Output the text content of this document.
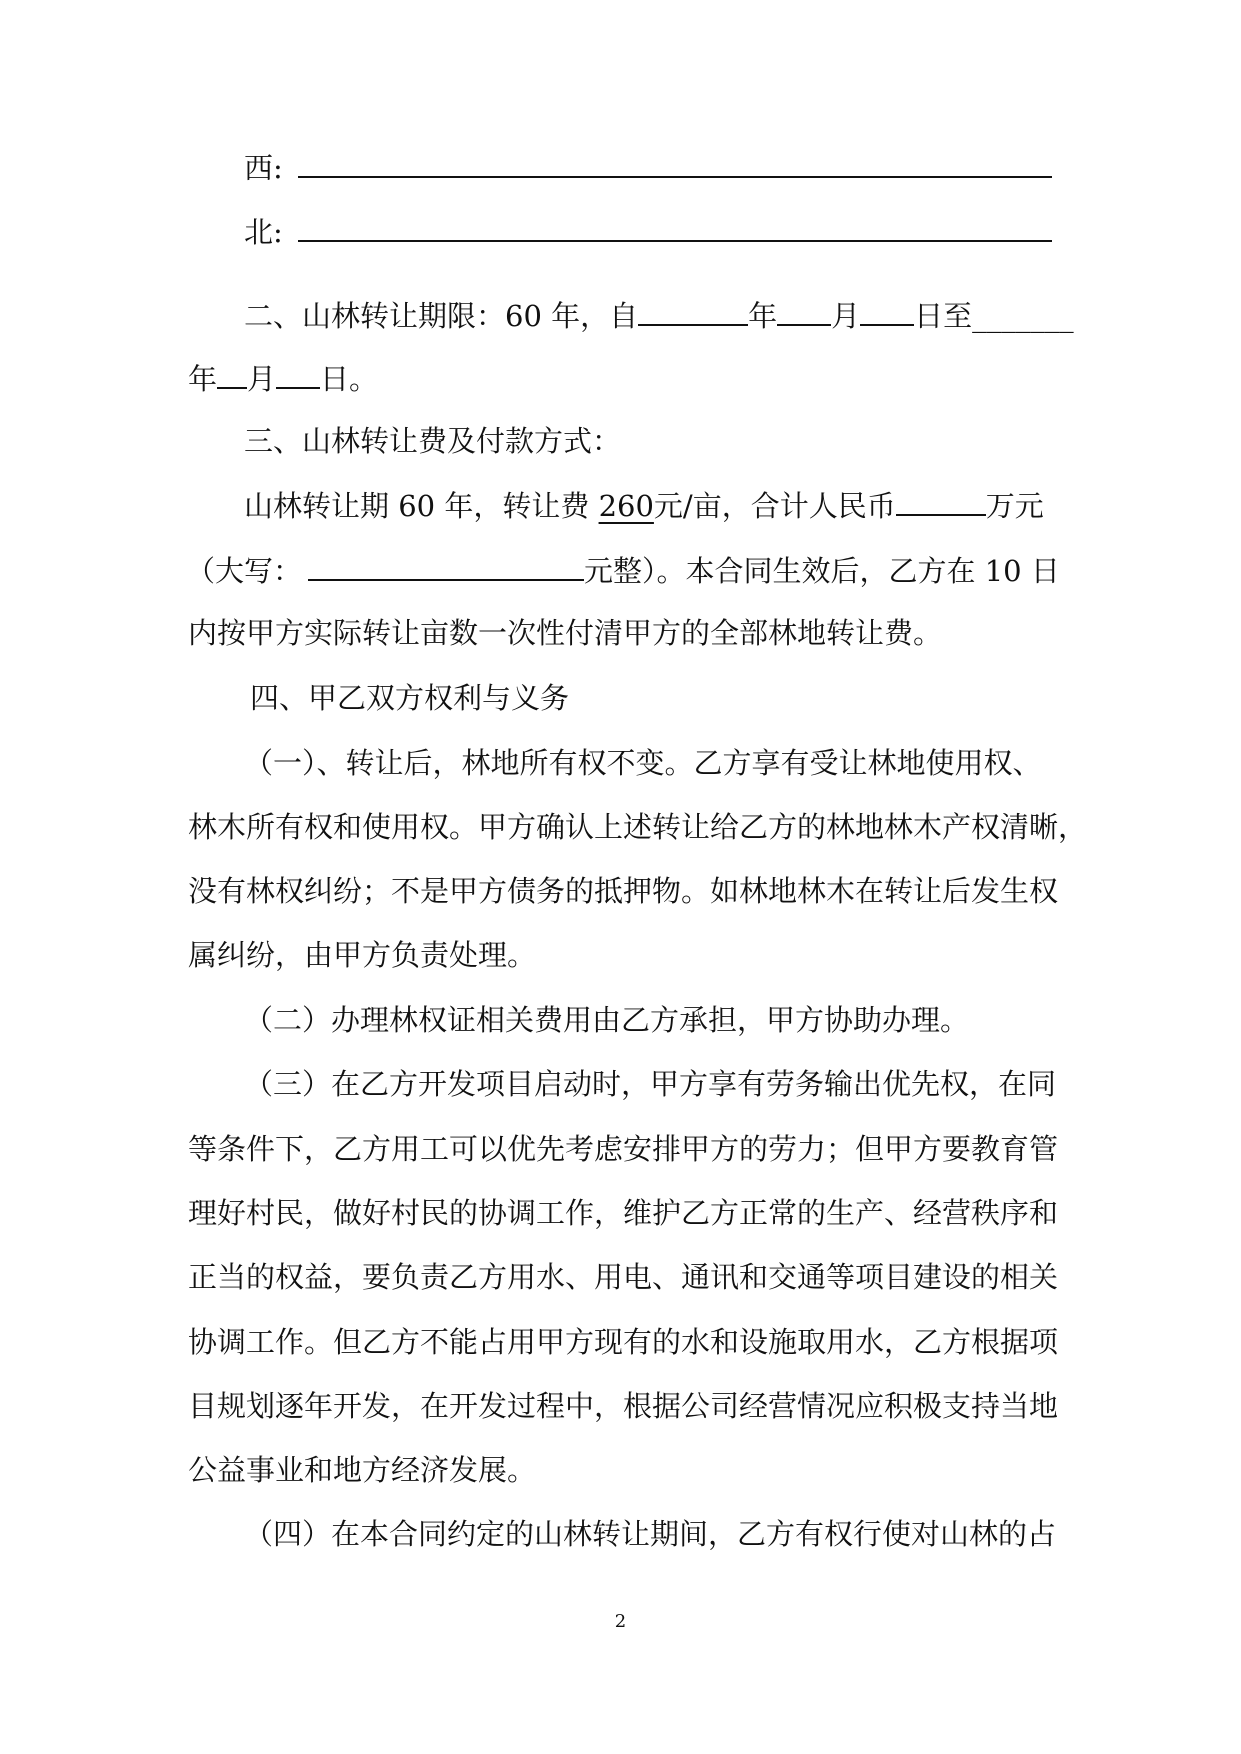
西:
北:
二、山林转让期限：60 年，自	年 月 日至_______
年 月 日。
三、山林转让费及付款方式：
山林转让期 60 年，转让费 260元/亩，合计人民币	万元
（大写：	元整）。本合同生效后，乙方在 10 日
内按甲方实际转让亩数一次性付清甲方的全部林地转让费。
四、甲乙双方权利与义务
（一）、转让后，林地所有权不变。乙方享有受让林地使用权、
林木所有权和使用权。甲方确认上述转让给乙方的林地林木产权清晰，
没有林权纠纷；不是甲方债务的抵押物。如林地林木在转让后发生权
属纠纷，由甲方负责处理。
（二）办理林权证相关费用由乙方承担，甲方协助办理。
（三）在乙方开发项目启动时，甲方享有劳务输出优先权，在同
等条件下，乙方用工可以优先考虑安排甲方的劳力；但甲方要教育管
理好村民，做好村民的协调工作，维护乙方正常的生产、经营秩序和
正当的权益，要负责乙方用水、用电、通讯和交通等项目建设的相关
协调工作。但乙方不能占用甲方现有的水和设施取用水，乙方根据项
目规划逐年开发，在开发过程中，根据公司经营情况应积极支持当地
公益事业和地方经济发展。
（四）在本合同约定的山林转让期间，乙方有权行使对山林的占
2
